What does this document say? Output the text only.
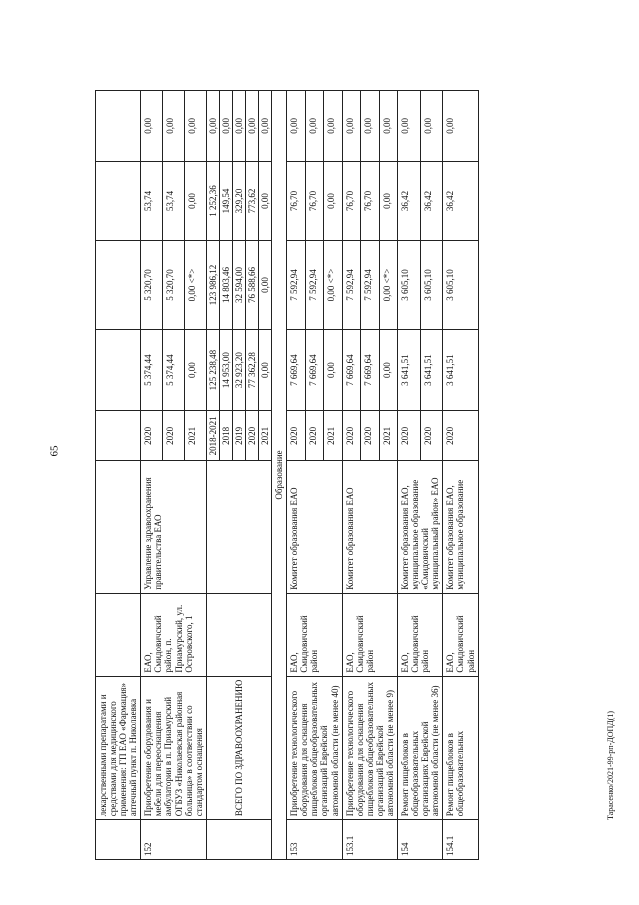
65
Тарасенко/2021-99-рп-ДОПД(1)
	лекарственными препаратами и средствами для медицинского применения: ГП ЕАО «Фармация» аптечный пункт п. Николаевка							
152	Приобретение оборудования и мебели для переоснащения амбулатории в п. Приамурский ОГБУЗ «Николаевская районная больница» в соответствии со стандартом оснащения	ЕАО, Смидовичский район, п. Приамурский, ул. Островского, 1	Управление здравоохранения правительства ЕАО	2020	5 374,44	5 320,70	53,74	0,00
				2020	5 374,44	5 320,70	53,74	0,00
				2021	0,00	0,00 <*>	0,00	0,00
	ВСЕГО ПО ЗДРАВООХРАНЕНИЮ			2018-2021	125 238,48	123 986,12	1 252,36	0,00
				2018	14 953,00	14 803,46	149,54	0,00
				2019	32 923,20	32 594,00	329,20	0,00
				2020	77 362,28	76 588,66	773,62	0,00
				2021	0,00	0,00	0,00	0,00
Образование								
153	Приобретение технологического оборудования для оснащения пищеблоков общеобразовательных организаций Еврейской автономной области (не менее 40)	ЕАО, Смидовичский район	Комитет образования ЕАО	2020	7 669,64	7 592,94	76,70	0,00
				2020	7 669,64	7 592,94	76,70	0,00
				2021	0,00	0,00 <*>	0,00	0,00
153.1	Приобретение технологического оборудования для оснащения пищеблоков общеобразовательных организаций Еврейской автономной области (не менее 9)	ЕАО, Смидовичский район	Комитет образования ЕАО	2020	7 669,64	7 592,94	76,70	0,00
				2020	7 669,64	7 592,94	76,70	0,00
				2021	0,00	0,00 <*>	0,00	0,00
154	Ремонт пищеблоков в общеобразовательных организациях Еврейской автономной области (не менее 36)	ЕАО, Смидовичский район	Комитет образования ЕАО, муниципальное образование «Смидовичский муниципальный район» ЕАО	2020	3 641,51	3 605,10	36,42	0,00
				2020	3 641,51	3 605,10	36,42	0,00
154.1	Ремонт пищеблоков в общеобразовательных	ЕАО, Смидовичский район	Комитет образования ЕАО, муниципальное образование	2020	3 641,51	3 605,10	36,42	0,00
